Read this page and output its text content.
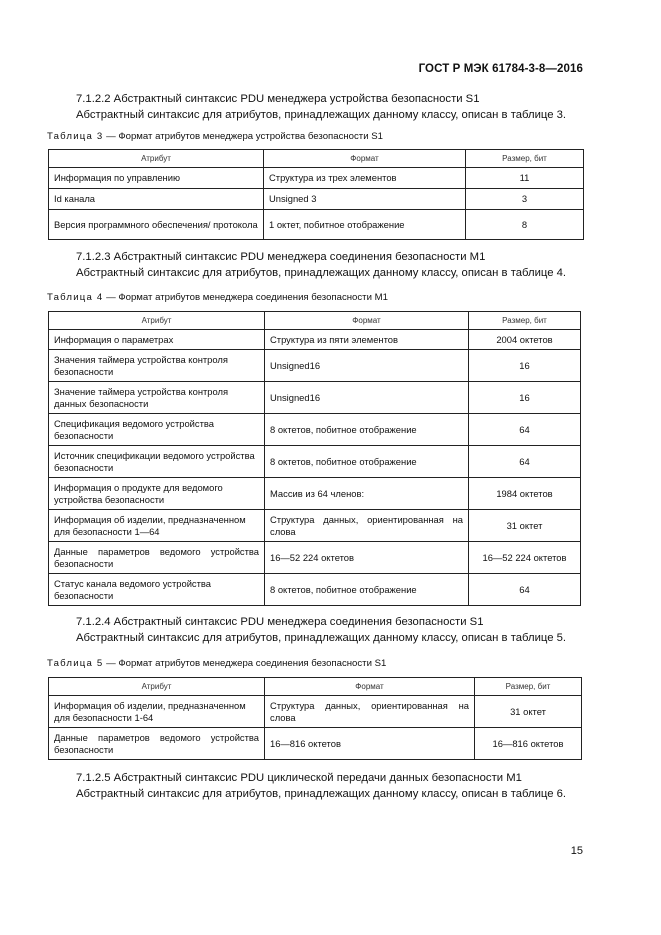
ГОСТ Р МЭК 61784-3-8—2016
7.1.2.2 Абстрактный синтаксис PDU менеджера устройства безопасности S1
Абстрактный синтаксис для атрибутов, принадлежащих данному классу, описан в таблице 3.
Таблица 3 — Формат атрибутов менеджера устройства безопасности S1
Атрибут	Формат	Размер, бит
Информация по управлению	Структура из трех элементов	11
Id канала	Unsigned 3	3
Версия программного обеспечения/ протокола	1 октет, побитное отображение	8
7.1.2.3 Абстрактный синтаксис PDU менеджера соединения безопасности M1
Абстрактный синтаксис для атрибутов, принадлежащих данному классу, описан в таблице 4.
Таблица 4 — Формат атрибутов менеджера соединения безопасности M1
Атрибут	Формат	Размер, бит
Информация о параметрах	Структура из пяти элементов	2004 октетов
Значения таймера устройства контроля безопасности	Unsigned16	16
Значение таймера устройства контроля данных безопасности	Unsigned16	16
Спецификация ведомого устройства безопасности	8 октетов, побитное отображение	64
Источник спецификации ведомого устройства безопасности	8 октетов, побитное отображение	64
Информация о продукте для ведомого устройства безопасности	Массив из 64 членов:	1984 октетов
Информация об изделии, предназначенном для безопасности 1—64	Структура данных, ориентированная на слова	31 октет
Данные параметров ведомого устройства безопасности	16—52 224 октетов	16—52 224 октетов
Статус канала ведомого устройства безопасности	8 октетов, побитное отображение	64
7.1.2.4 Абстрактный синтаксис PDU менеджера соединения безопасности S1
Абстрактный синтаксис для атрибутов, принадлежащих данному классу, описан в таблице 5.
Таблица 5 — Формат атрибутов менеджера соединения безопасности S1
Атрибут	Формат	Размер, бит
Информация об изделии, предназначенном для безопасности 1-64	Структура данных, ориентированная на слова	31 октет
Данные параметров ведомого устройства безопасности	16—816 октетов	16—816 октетов
7.1.2.5 Абстрактный синтаксис PDU циклической передачи данных безопасности M1
Абстрактный синтаксис для атрибутов, принадлежащих данному классу, описан в таблице 6.
15
